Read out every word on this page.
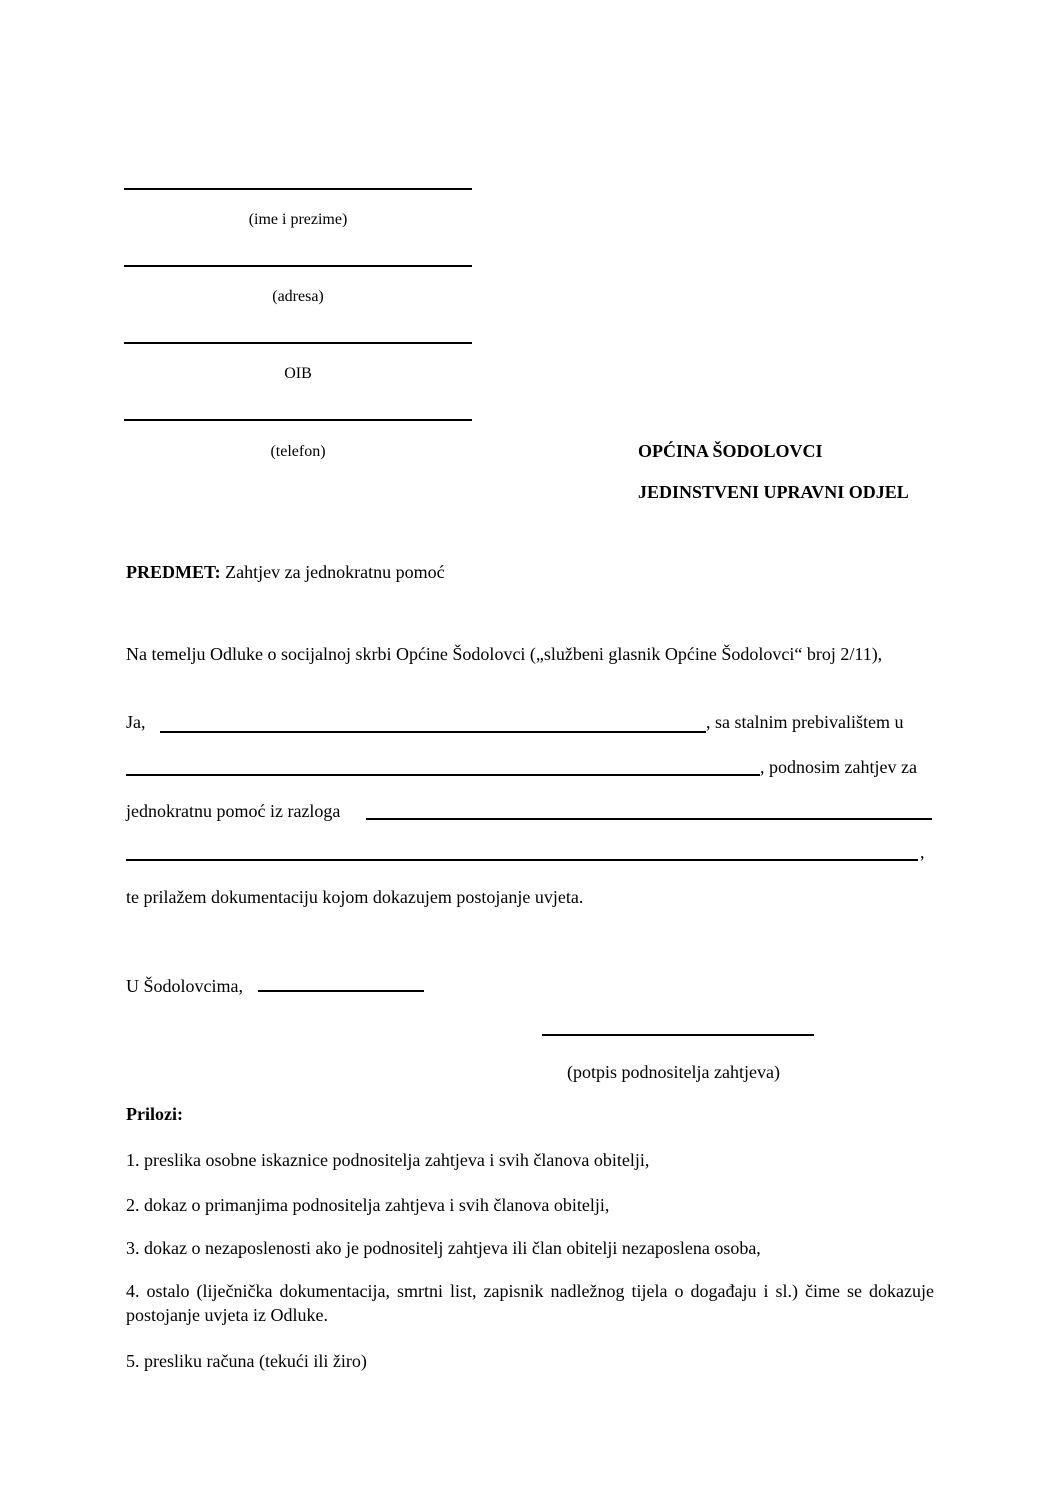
(ime i prezime)
(adresa)
OIB
(telefon)	OPĆINA ŠODOLOVCI
JEDINSTVENI UPRAVNI ODJEL
PREDMET: Zahtjev za jednokratnu pomoć
Na temelju Odluke o socijalnoj skrbi Općine Šodolovci („službeni glasnik Općine Šodolovci“ broj 2/11),
Ja,	, sa stalnim prebivalištem u
, podnosim zahtjev za
jednokratnu pomoć iz razloga
,
te prilažem dokumentaciju kojom dokazujem postojanje uvjeta.
U Šodolovcima,
(potpis podnositelja zahtjeva)
Prilozi:
1. preslika osobne iskaznice podnositelja zahtjeva i svih članova obitelji,
2. dokaz o primanjima podnositelja zahtjeva i svih članova obitelji,
3. dokaz o nezaposlenosti ako je podnositelj zahtjeva ili član obitelji nezaposlena osoba,
4. ostalo (liječnička dokumentacija, smrtni list, zapisnik nadležnog tijela o događaju i sl.) čime se dokazuje postojanje uvjeta iz Odluke.
5. presliku računa (tekući ili žiro)
